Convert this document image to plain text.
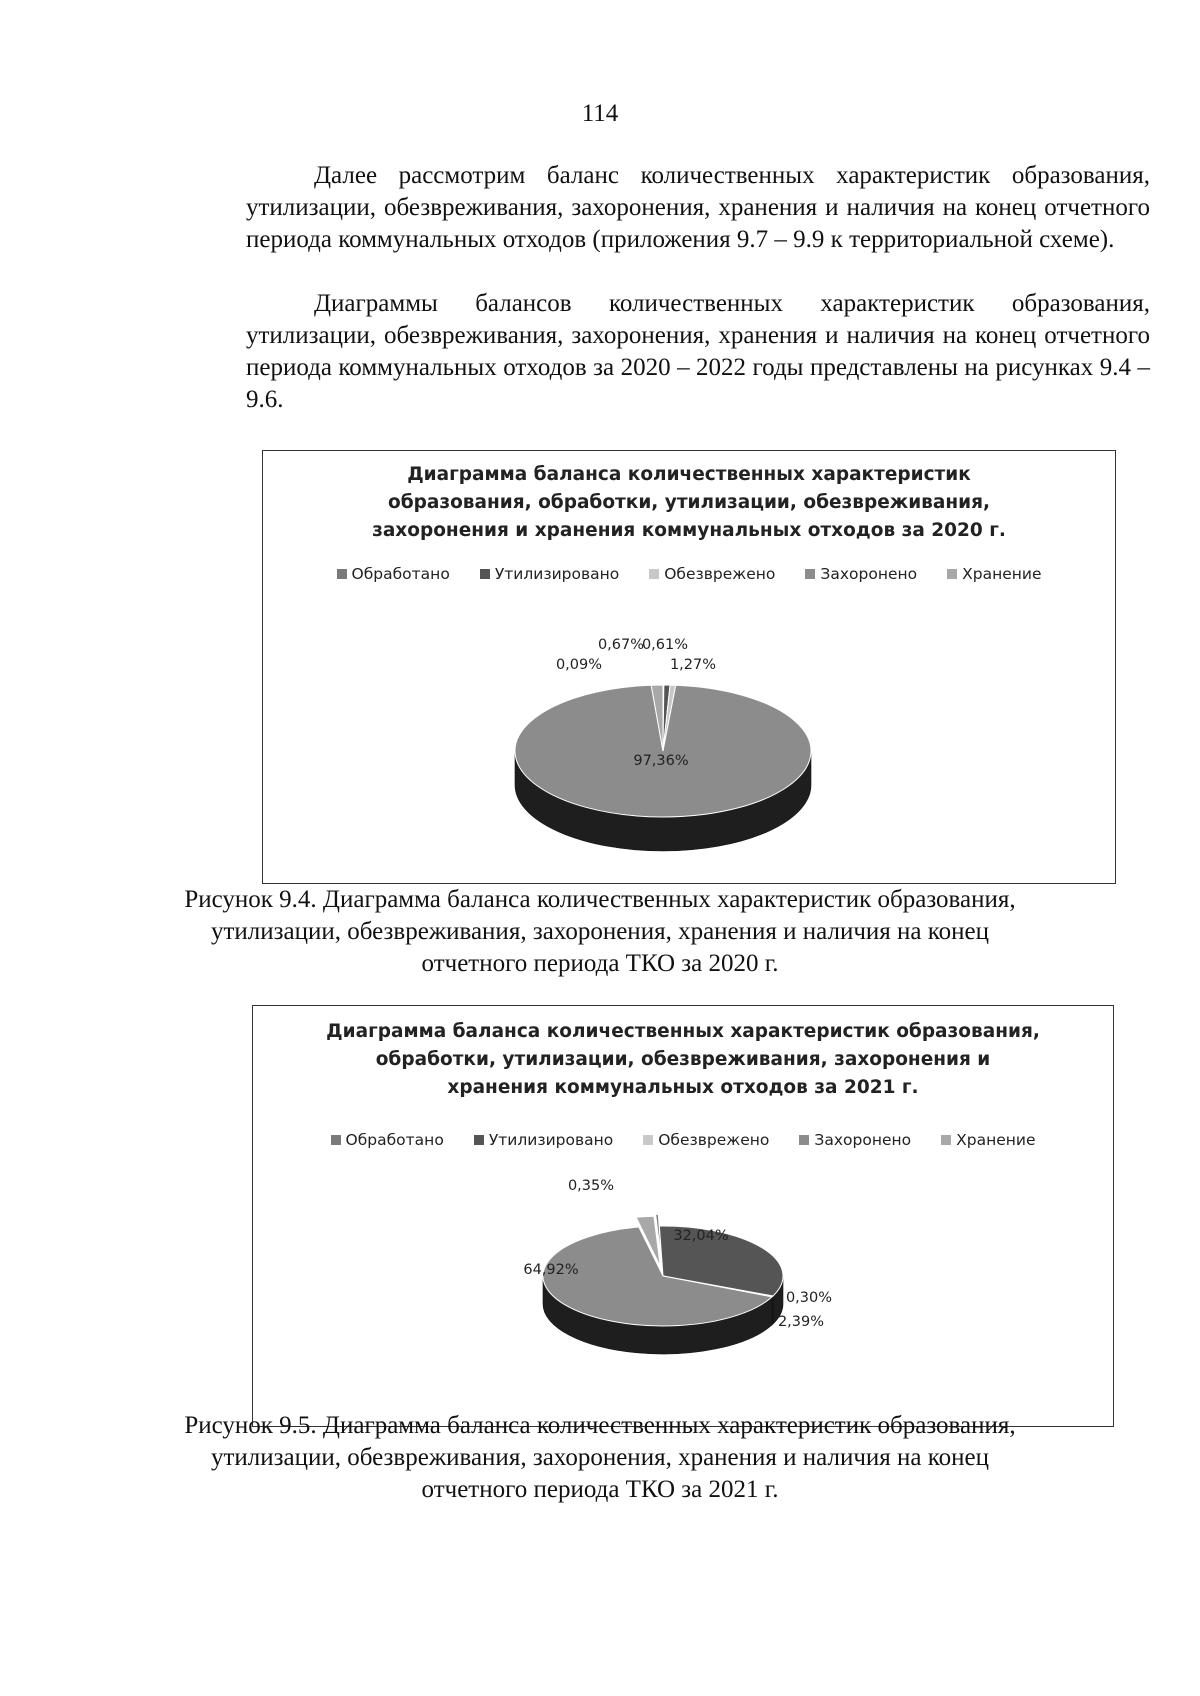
114

Далее рассмотрим баланс количественных характеристик образования, утилизации, обезвреживания, захоронения, хранения и наличия на конец отчетного периода коммунальных отходов (приложения 9.7 – 9.9 к территориальной схеме).

Диаграммы балансов количественных характеристик образования, утилизации, обезвреживания, захоронения, хранения и наличия на конец отчетного периода коммунальных отходов за 2020 – 2022 годы представлены на рисунках 9.4 – 9.6.

Диаграмма баланса количественных характеристик
образования, обработки, утилизации, обезвреживания,
захоронения и хранения коммунальных отходов за 2020 г.
Обработано	Утилизировано	Обезврежено	Захоронено	Хранение
0,09%
0,67%
0,61%
97,36%
1,27%
Рисунок 9.4. Диаграмма баланса количественных характеристик образования,
утилизации, обезвреживания, захоронения, хранения и наличия на конец
отчетного периода ТКО за 2020 г.
Диаграмма баланса количественных характеристик образования,
обработки, утилизации, обезвреживания, захоронения и
хранения коммунальных отходов за 2021 г.
Обработано	Утилизировано	Обезврежено	Захоронено	Хранение
0,35%
32,04%
0,30%
64,92%
2,39%
Рисунок 9.5. Диаграмма баланса количественных характеристик образования,
утилизации, обезвреживания, захоронения, хранения и наличия на конец
отчетного периода ТКО за 2021 г.
